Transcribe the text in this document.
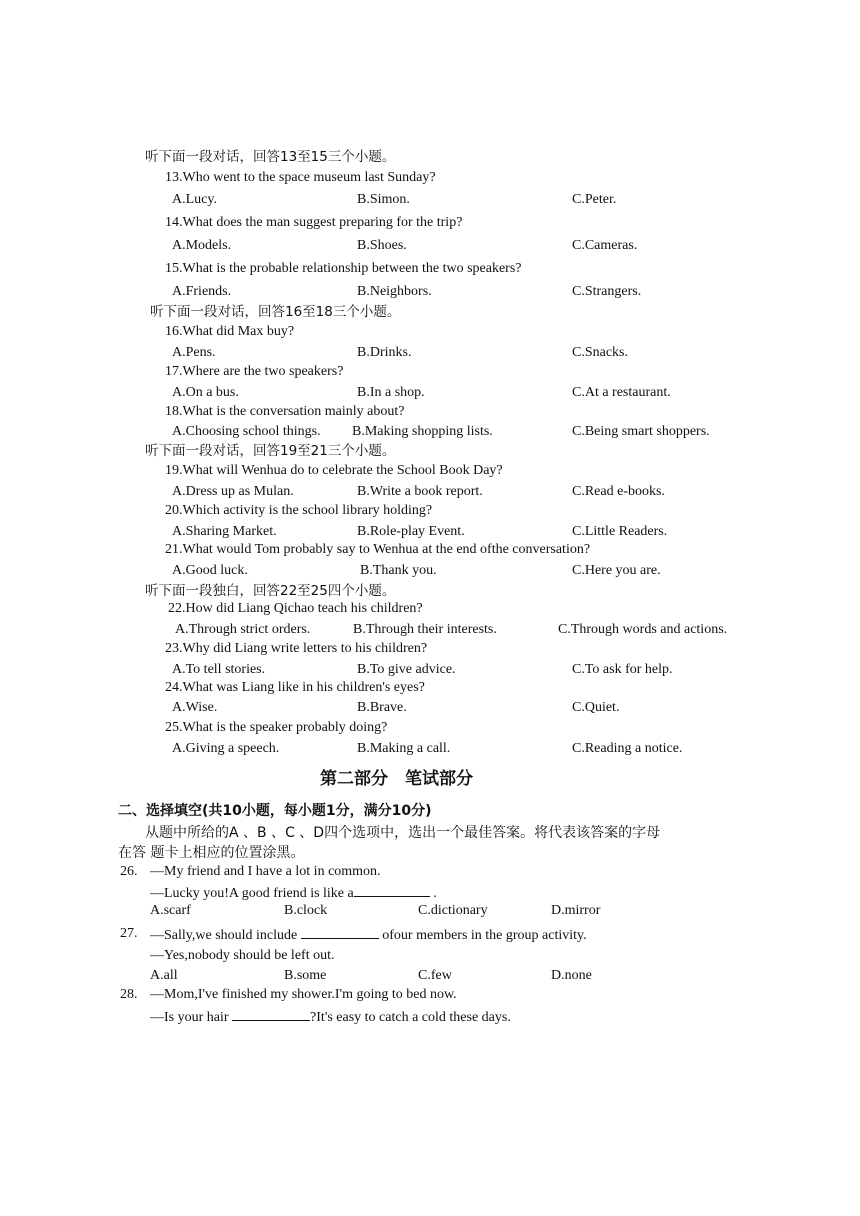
听下面一段对话，回答13至15三个小题。
13.Who went to the space museum last Sunday?
A.Lucy.	B.Simon.	C.Peter.
14.What does the man suggest preparing for the trip?
A.Models.	B.Shoes.	C.Cameras.
15.What is the probable relationship between the two speakers?
A.Friends.	B.Neighbors.	C.Strangers.
听下面一段对话，回答16至18三个小题。
16.What did Max buy?
A.Pens.	B.Drinks.	C.Snacks.
17.Where are the two speakers?
A.On a bus.	B.In a shop.	C.At a restaurant.
18.What is the conversation mainly about?
A.Choosing school things. B.Making shopping lists.	C.Being smart shoppers.
听下面一段对话，回答19至21三个小题。
19.What will Wenhua do to celebrate the School Book Day?
A.Dress up as Mulan.	B.Write a book report.	C.Read e-books.
20.Which activity is the school library holding?
A.Sharing Market.	B.Role-play Event.	C.Little Readers.
21.What would Tom probably say to Wenhua at the end ofthe conversation?
A.Good luck.	B.Thank you.	C.Here you are.
听下面一段独白，回答22至25四个小题。
22.How did Liang Qichao teach his children?
A.Through strict orders.	B.Through their interests.	C.Through words and actions.
23.Why did Liang write letters to his children?
A.To tell stories.	B.To give advice.	C.To ask for help.
24.What was Liang like in his children's eyes?
A.Wise.	B.Brave.	C.Quiet.
25.What is the speaker probably doing?
A.Giving a speech.	B.Making a call.	C.Reading a notice.
第二部分　笔试部分
二、选择填空(共10小题，每小题1分，满分10分)
从题中所给的A 、B 、C 、D四个选项中，选出一个最佳答案。将代表该答案的字母
在答 题卡上相应的位置涂黑。
26. —My friend and I have a lot in common.
—Lucky you!A good friend is like a	.
A.scarf	B.clock	C.dictionary	D.mirror
27. —Sally,we should include	ofour members in the group activity.
—Yes,nobody should be left out.
A.all	B.some	C.few	D.none
28. —Mom,I've finished my shower.I'm going to bed now.
—Is your hair	?It's easy to catch a cold these days.
